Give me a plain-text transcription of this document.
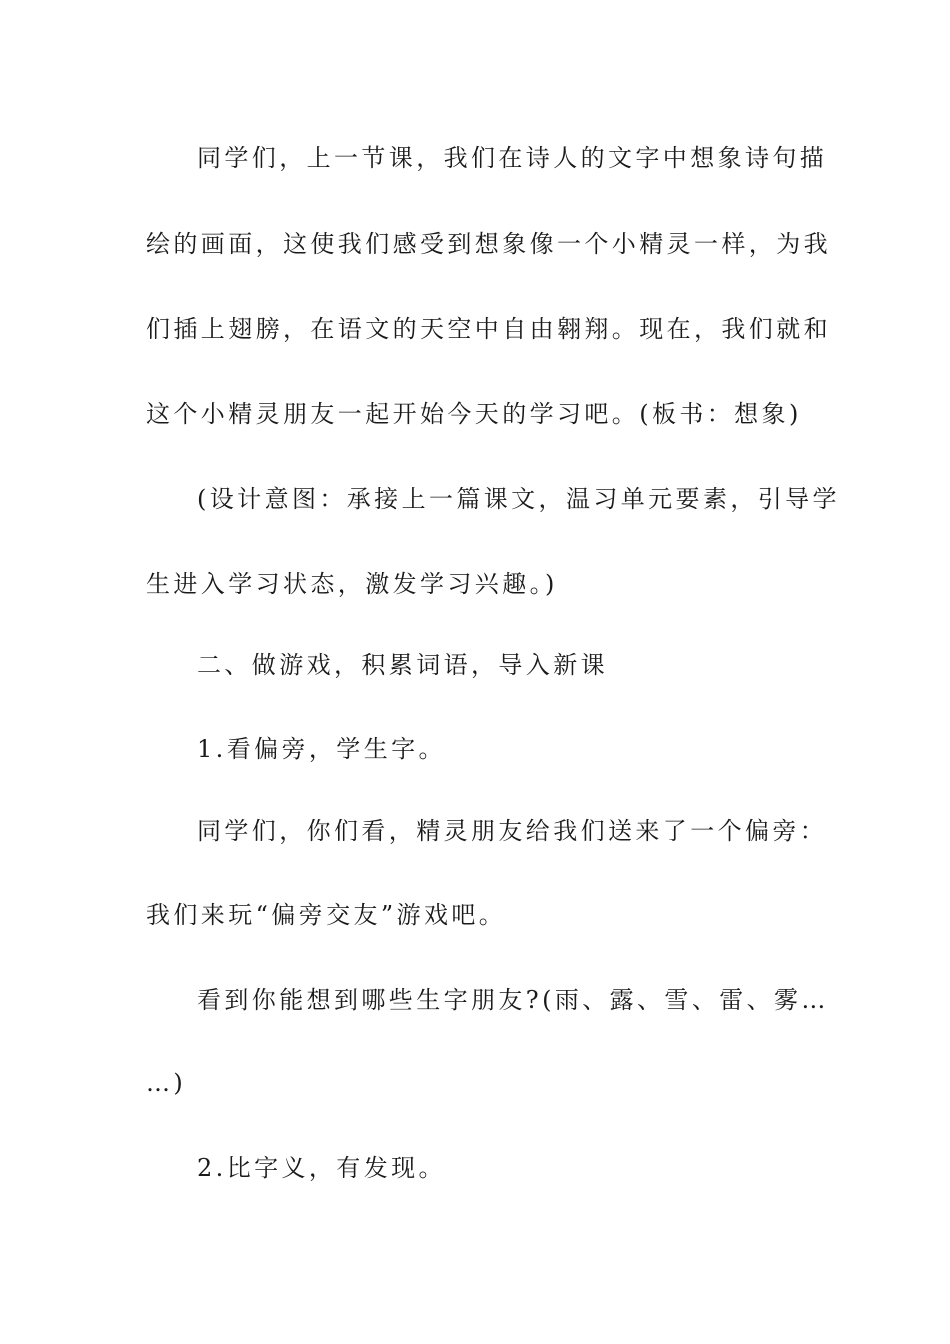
同学们，上一节课，我们在诗人的文字中想象诗句描
绘的画面，这使我们感受到想象像一个小精灵一样，为我
们插上翅膀，在语文的天空中自由翱翔。现在，我们就和
这个小精灵朋友一起开始今天的学习吧。(板书：想象)
(设计意图：承接上一篇课文，温习单元要素，引导学
生进入学习状态，激发学习兴趣。)
二、做游戏，积累词语，导入新课
1.看偏旁，学生字。
同学们，你们看，精灵朋友给我们送来了一个偏旁：
我们来玩“偏旁交友”游戏吧。
看到你能想到哪些生字朋友?(雨、露、雪、雷、雾…
…)
2.比字义，有发现。
